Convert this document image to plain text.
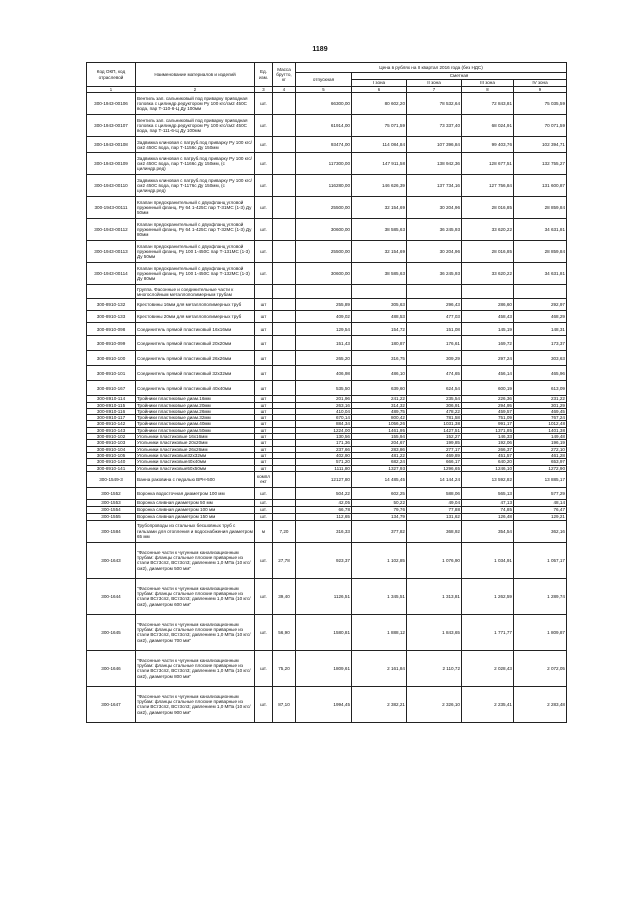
1189
Код ОКП, код отраслевой	Наименование материалов и изделий	Ед. изм.	Масса брутто, кг	Цена в рублях на II квартал 2016 года (без НДС)				
				отпускная	Сметная			
					I зона	II зона	III зона	IV зона
1	2	3	4	5	6	7	8	9
300-1943-00106	Вентиль зап. сальниковый под приварку приводная головка с цилиндр.редуктором Ру 100 кгс/см2 450С вода, пар Т-110-6-Ц Ду 100мм	шт.		66300,00	80 602,20	78 532,64	72 843,81	75 035,59
300-1943-00107	Вентиль зап. сальниковый под приварку приводная головка с цилиндр.редуктором Ру 100 кгс/см2 450С вода, пар Т-111-6-Ц Ду 100мм	шт.		61914,00	75 071,59	73 337,40	68 024,91	70 071,59
300-1943-00108	Задвижка клиновая с патруб.под приварку Ру 100 кгс/см2 450С вода, пар Т-1156с Ду 150мм	шт.		93474,00	114 084,84	107 396,84	99 403,76	102 394,71
300-1943-00109	Задвижка клиновая с патруб.под приварку Ру 100 кгс/см2 450С вода, пар Т-1166с Ду 150мм, (с цилиндр.ред)	шт.		117300,00	147 911,58	138 942,36	128 677,51	132 755,27
300-1943-00110	Задвижка клиновая с патруб.под приварку Ру 100 кгс/см2 450С вода, пар Т-1176с Ду 150мм, (с цилиндр.ред)	шт.		116280,00	146 626,39	137 734,16	127 756,84	131 600,87
300-1943-00111	Клапан предохранительный с двухфланц угловой пружинный фланц. Ру 64 1-425С пар Т-31МС (1-3) Ду 50мм	шт.		25500,00	32 154,69	30 204,96	28 016,85	28 859,84
300-1943-00112	Клапан предохранительный с двухфланц угловой пружинный фланц. Ру 64 1-425С пар Т-32МС (1-3) Ду 80мм	шт.		30600,00	38 585,63	36 245,93	33 620,22	34 631,81
300-1943-00113	Клапан предохранительный с двухфланц угловой пружинный фланц. Ру 100 1-450С пар Т-131МС (1-3) Ду 50мм	шт.		25500,00	32 154,69	30 204,96	28 016,85	28 859,84
300-1943-00114	Клапан предохранительный с двухфланц угловой пружинный фланц. Ру 100 1-450С пар Т-132МС (1-3) Ду 80мм	шт.		30600,00	38 585,63	36 245,93	33 620,22	34 631,81
	Группа. Фасонные и соединительные части к многослойным металлополимерным трубам							
300-8910-132	Крестовины 16мм для металлополимерных труб	шт		255,89	305,63	296,43	286,60	292,97
300-8910-133	Крестовины 20мм для металлополимерных труб	шт		409,02	488,53	477,03	458,43	468,29
300-8910-098	Соединитель прямой пластиковый 16х16мм	шт		129,54	154,72	151,08	145,19	148,31
300-8910-099	Соединитель прямой пластиковый 20х20мм	шт		151,43	180,87	176,61	169,72	173,37
300-8910-100	Соединитель прямой пластиковый 26х26мм	шт		265,20	316,75	309,29	297,24	303,63
300-8910-101	Соединитель прямой пластиковый 32х32мм	шт		406,98	486,10	474,65	456,14	465,96
300-8910-167	Соединитель прямой пластиковый 40х40мм	шт		535,50	639,60	624,54	600,19	613,09
300-8910-114	Тройники пластиковые диам.16мм	шт		201,96	241,22	235,54	226,36	231,22
300-8910-115	Тройники пластиковые диам.20мм	шт		263,16	314,32	306,91	294,95	301,29
300-8910-116	Тройники пластиковые диам.26мм	шт		410,04	489,75	478,22	459,57	469,45
300-8910-117	Тройники пластиковые диам.32мм	шт		670,14	800,42	781,58	751,09	767,24
300-8910-142	Тройники пластиковые диам.40мм	шт		884,34	1056,26	1031,38	991,17	1012,48
300-8910-143	Тройники пластиковые диам.50мм	шт		1224,00	1461,95	1427,51	1371,85	1401,38
300-8910-102	Угольники пластиковые 16х16мм	шт		130,56	155,94	152,27	146,33	149,48
300-8910-103	Угольники пластиковые 20х20мм	шт		171,36	204,67	199,85	192,06	196,19
300-8910-104	Угольники пластиковые 26х26мм	шт		237,66	283,86	277,17	266,37	272,10
300-8910-105	Угольники пластиковые32х32мм	шт		402,90	481,22	469,89	451,57	461,28
300-8910-140	Угольники пластиковые40х40мм	шт		571,20	682,24	666,17	640,20	653,97
300-8910-141	Угольники пластиковые50х50мм	шт		1111,80	1327,93	1296,65	1246,10	1272,90
300-1549-3	Ванна раковина с педалью ВРН-500	компл ект		12127,80	14 485,45	14 144,24	13 592,82	13 885,17
300-1552	Воронка водосточная диаметром 100 мм	шт.		504,22	602,25	588,06	565,13	577,29
300-1553	Воронка сливная диаметром 50 мм	шт.		42,05	50,22	49,04	47,13	48,14
300-1554	Воронка сливная диаметром 100 мм	шт.		66,78	79,76	77,88	74,85	76,47
300-1555	Воронка сливная диаметром 150 мм	шт.		112,65	134,79	131,62	126,48	129,21
300-1584	Трубопроводы из стальных бесшовных труб с гильзами для отопления и водоснабжения диаметром 65 мм	м	7,20	316,33	377,82	368,92	354,54	362,16
300-1643	"Фасонные части к чугунным канализационным трубам: фланцы стальные плоские приварные из стали ВСт3сп2, ВСт3сп3; давлением 1,0 МПа (10 кгс/см2), диаметром 500 мм"	шт.	27,78	923,37	1 102,85	1 076,90	1 034,91	1 057,17
300-1644	"Фасонные части к чугунным канализационным трубам: фланцы стальные плоские приварные из стали ВСт3сп2, ВСт3сп3; давлением 1,0 МПа (10 кгс/см2), диаметром 600 мм"	шт.	39,40	1126,51	1 345,51	1 313,81	1 262,59	1 289,74
300-1645	"Фасонные части к чугунным канализационным трубам: фланцы стальные плоские приварные из стали ВСт3сп2, ВСт3сп3; давлением 1,0 МПа (10 кгс/см2), диаметром 700 мм"	шт.	56,90	1580,81	1 888,12	1 843,65	1 771,77	1 809,87
300-1646	"Фасонные части к чугунным канализационным трубам: фланцы стальные плоские приварные из стали ВСт3сп2, ВСт3сп3; давлением 1,0 МПа (10 кгс/см2), диаметром 800 мм"	шт.	75,20	1809,61	2 161,84	2 110,72	2 028,43	2 072,05
300-1647	"Фасонные части к чугунным канализационным трубам: фланцы стальные плоские приварные из стали ВСт3сп2, ВСт3сп3; давлением 1,0 МПа (10 кгс/см2), диаметром 900 мм"	шт.	87,10	1994,45	2 382,21	2 326,10	2 235,41	2 283,48
